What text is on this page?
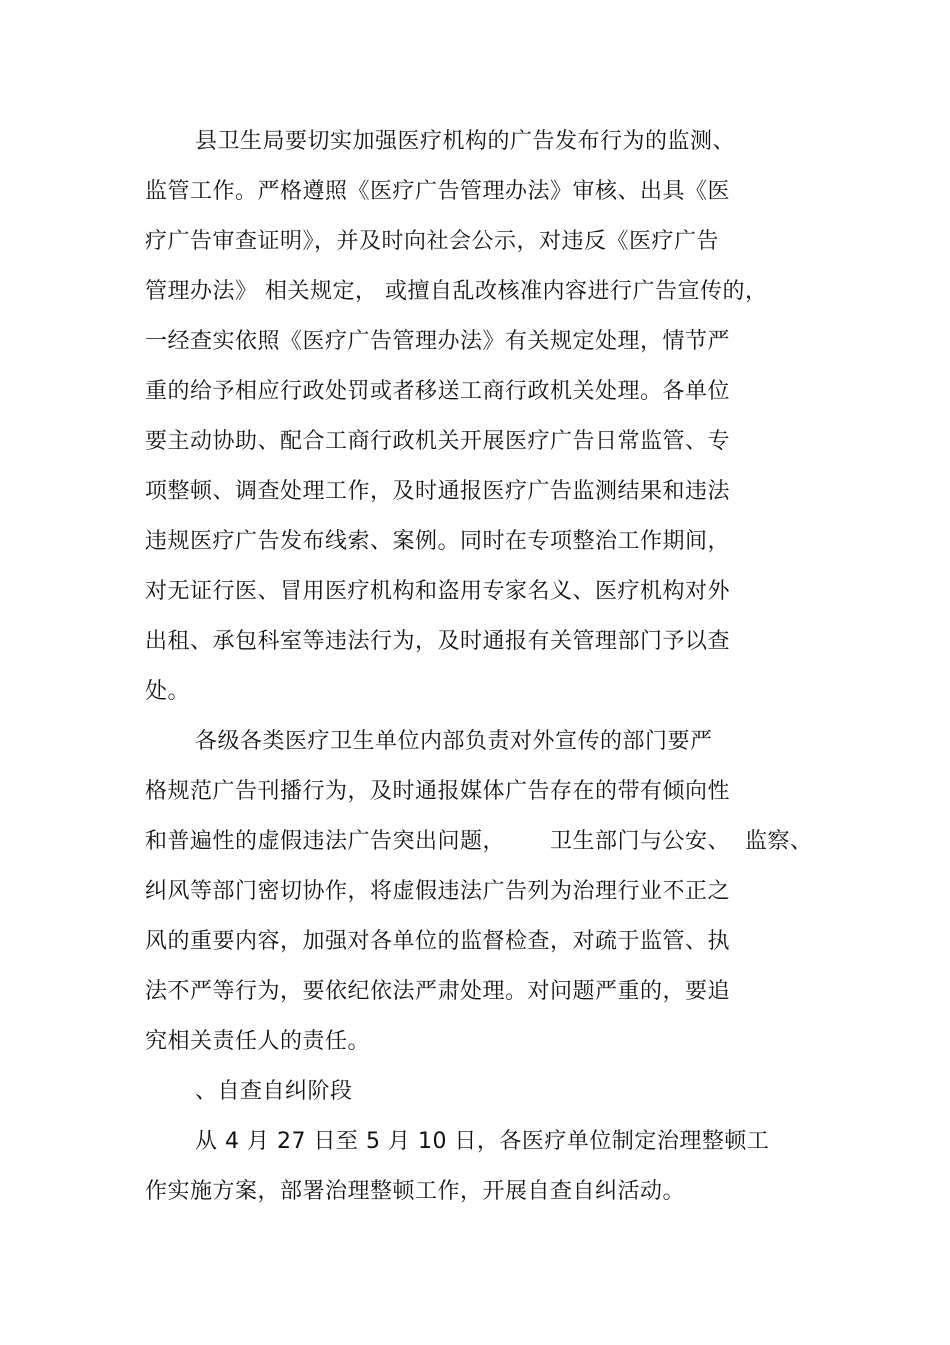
县卫生局要切实加强医疗机构的广告发布行为的监测、
监管工作。严格遵照《医疗广告管理办法》审核、出具《医
疗广告审查证明》，并及时向社会公示，对违反《医疗广告
管理办法》 相关规定， 或擅自乱改核准内容进行广告宣传的，
一经查实依照《医疗广告管理办法》有关规定处理，情节严
重的给予相应行政处罚或者移送工商行政机关处理。各单位
要主动协助、配合工商行政机关开展医疗广告日常监管、专
项整顿、调查处理工作，及时通报医疗广告监测结果和违法
违规医疗广告发布线索、案例。同时在专项整治工作期间，
对无证行医、冒用医疗机构和盗用专家名义、医疗机构对外
出租、承包科室等违法行为，及时通报有关管理部门予以查
处。
各级各类医疗卫生单位内部负责对外宣传的部门要严
格规范广告刊播行为，及时通报媒体广告存在的带有倾向性
和普遍性的虚假违法广告突出问题，      卫生部门与公安、  监察、
纠风等部门密切协作，将虚假违法广告列为治理行业不正之
风的重要内容，加强对各单位的监督检查，对疏于监管、执
法不严等行为，要依纪依法严肃处理。对问题严重的，要追
究相关责任人的责任。
、自查自纠阶段
从 4 月 27 日至 5 月 10 日，各医疗单位制定治理整顿工
作实施方案，部署治理整顿工作，开展自查自纠活动。
